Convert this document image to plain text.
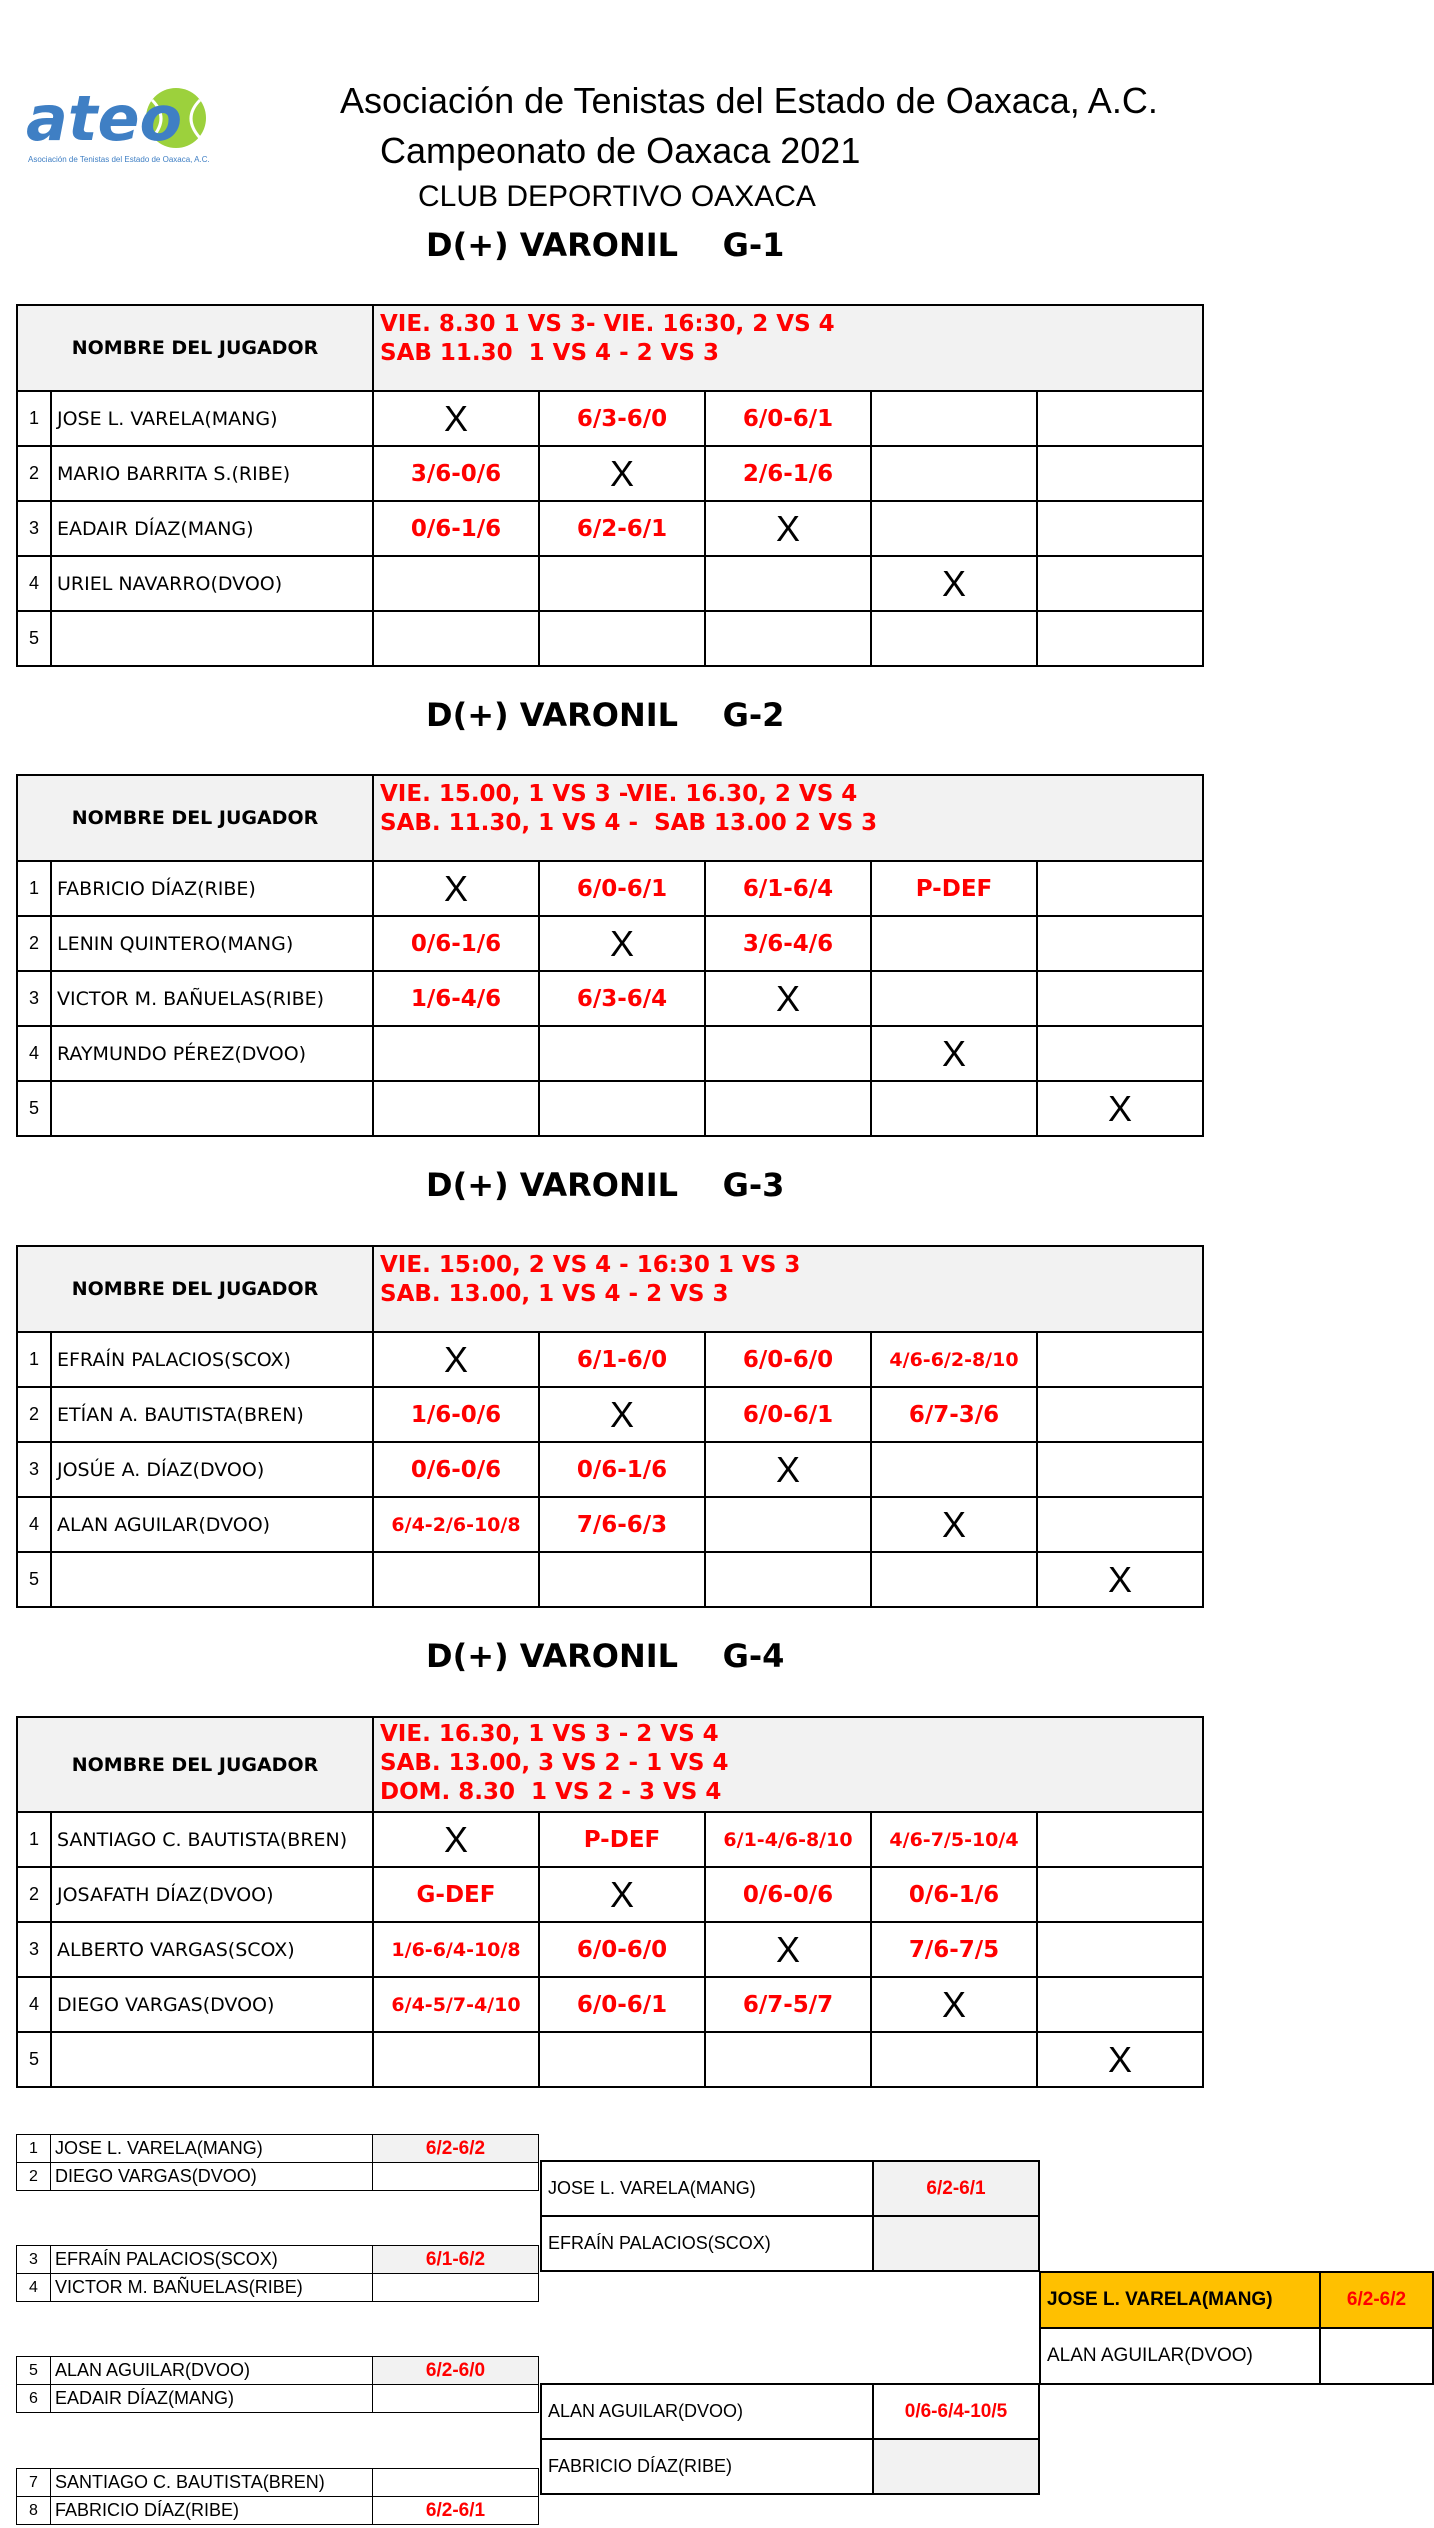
ateo
Asociación de Tenistas del Estado de Oaxaca, A.C.
Asociación de Tenistas del Estado de Oaxaca, A.C.
Campeonato de Oaxaca 2021
CLUB DEPORTIVO OAXACA
D(+) VARONIL    G-1
NOMBRE DEL JUGADOR		VIE. 8.30 1 VS 3- VIE. 16:30, 2 VS 4
SAB 11.30  1 VS 4 - 2 VS 3				

1	JOSE L. VARELA(MANG)	X	6/3-6/0	6/0-6/1		
2	MARIO BARRITA S.(RIBE)	3/6-0/6	X	2/6-1/6		
3	EADAIR DÍAZ(MANG)	0/6-1/6	6/2-6/1	X		
4	URIEL NAVARRO(DVOO)				X	
5						
D(+) VARONIL    G-2
NOMBRE DEL JUGADOR		VIE. 15.00, 1 VS 3 -VIE. 16.30, 2 VS 4
SAB. 11.30, 1 VS 4 -  SAB 13.00 2 VS 3				

1	FABRICIO DÍAZ(RIBE)	X	6/0-6/1	6/1-6/4	P-DEF	
2	LENIN QUINTERO(MANG)	0/6-1/6	X	3/6-4/6		
3	VICTOR M. BAÑUELAS(RIBE)	1/6-4/6	6/3-6/4	X		
4	RAYMUNDO PÉREZ(DVOO)				X	
5						X
D(+) VARONIL    G-3
NOMBRE DEL JUGADOR		VIE. 15:00, 2 VS 4 - 16:30 1 VS 3
SAB. 13.00, 1 VS 4 - 2 VS 3				

1	EFRAÍN PALACIOS(SCOX)	X	6/1-6/0	6/0-6/0	4/6-6/2-8/10	
2	ETÍAN A. BAUTISTA(BREN)	1/6-0/6	X	6/0-6/1	6/7-3/6	
3	JOSÚE A. DÍAZ(DVOO)	0/6-0/6	0/6-1/6	X		
4	ALAN AGUILAR(DVOO)	6/4-2/6-10/8	7/6-6/3		X	
5						X
D(+) VARONIL    G-4
NOMBRE DEL JUGADOR		VIE. 16.30, 1 VS 3 - 2 VS 4
SAB. 13.00, 3 VS 2 - 1 VS 4
DOM. 8.30  1 VS 2 - 3 VS 4				

1	SANTIAGO C. BAUTISTA(BREN)	X	P-DEF	6/1-4/6-8/10	4/6-7/5-10/4	
2	JOSAFATH DÍAZ(DVOO)	G-DEF	X	0/6-0/6	0/6-1/6	
3	ALBERTO VARGAS(SCOX)	1/6-6/4-10/8	6/0-6/0	X	7/6-7/5	
4	DIEGO VARGAS(DVOO)	6/4-5/7-4/10	6/0-6/1	6/7-5/7	X	
5						X
1	JOSE L. VARELA(MANG)	6/2-6/2
2	DIEGO VARGAS(DVOO)	
3	EFRAÍN PALACIOS(SCOX)	6/1-6/2
4	VICTOR M. BAÑUELAS(RIBE)	
5	ALAN AGUILAR(DVOO)	6/2-6/0
6	EADAIR DÍAZ(MANG)	
7	SANTIAGO C. BAUTISTA(BREN)	
8	FABRICIO DÍAZ(RIBE)	6/2-6/1
JOSE L. VARELA(MANG)	6/2-6/1
EFRAÍN PALACIOS(SCOX)	
ALAN AGUILAR(DVOO)	0/6-6/4-10/5
FABRICIO DÍAZ(RIBE)	
JOSE L. VARELA(MANG)	6/2-6/2
ALAN AGUILAR(DVOO)	
